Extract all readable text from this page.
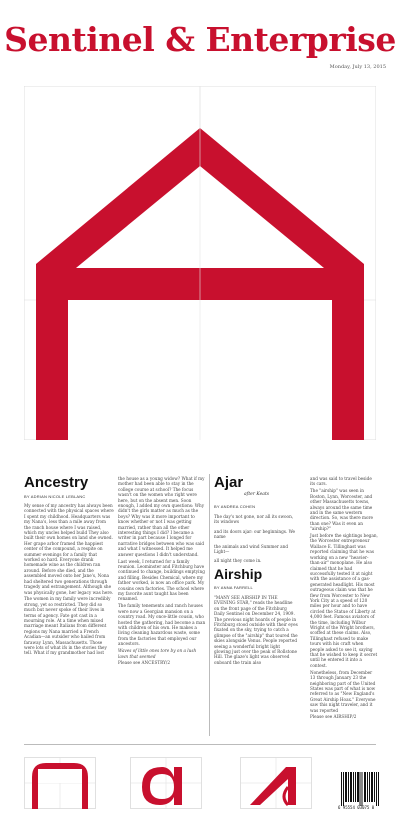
Sentinel & Enterprise
Monday, July 13, 2015
Ancestry
BY ADRIAN NICOLE LEBLANC

My sense of my ancestry has always been connected with the physical spaces where I spent my childhood. Headquarters was my Nana's, less than a mile away from the ranch house where I was raised, which my uncles helped build They also built their own homes on land she owned. Her grape arbor framed the happiest center of the compound, a respite on summer evenings for a family that worked so hard. Everyone drank homemade wine as the children ran around. Before she died, and the assembled moved onto her Jane's, Nona had sheltered two generations through tragedy and estrangement. Although she was physically gone, her legacy was here.

The women in my family were incredibly strong, yet so restricted. They did so much but never spoke of their lives in terms of agency. Fate got cast in a mourning role. At a time when mixed marriage meant Italians from different regions my Nana married a French Acadian—an outsider who hailed from faraway Lynn, Massachusetts. Those were lots of what ifs in the stories they tell. What if my grandmother had lost

the house as a young widow? What if my mother had been able to stay in the college course at school? The focus wasn't on the women who right were here, but on the absent men. Soon enough, I added my own questions: Why didn't the girls matter as much as the boys? Why was it more important to know whether or not I was getting married, rather than all the other interesting things I did? I became a writer in part because I longed for narrative bridges between who was said and what I witnessed. It helped me answer questions I didn't understand.

Last week, I returned for a family reunion. Leominster and Fitchburg have continued to change, buildings emptying and filling. Besides Chemical, where my father worked, is now an office park. My cousins own factories. The school where my favorite aunt taught has been renamed.

The family tenements and ranch houses were now a Georgian mansion on a country road. My once-little cousin, who hosted the gathering, had become a man with children of his own. He makes a living cleaning hazardous waste, some from the factories that employed our ancestors.

Waves of little ones tore by on a lush lawn that seemed

Please see ANCESTRY/2

Ajar
after Keats
BY ANDREA COHEN

The day's not gone, nor all its swoon, its windows

and its doors ajar: our beginnings. We name

the animals and wind Summer and Light—

all night they come in.

Airship
BY ANNA FARRELL

"MANY SEE AIRSHIP IN THE EVENING STAR," reads the headline on the front page of the Fitchburg Daily Sentinel on December 24, 1909. The previous night hoards of people in Fitchburg stood outside with their eyes fixated on the sky, trying to catch a glimpse of the "airship" that toured the skies alongside Venus. People reported seeing a wonderful bright light glowing just over the peak of Rollstone Hill. The glaze's light was observed onboard the train also

and was said to travel beside its cars.

The "airship" was seen in Boston, Lynn, Worcester, and other Massachusetts towns, always around the same time and in the same western direction. So, was there more than one? Was it even an "airship?"

Just before the sightings began, the Worcester entrepreneur Wallace E. Tillinghast was reported claiming that he was working on a new "heavier-than-air" monoplane. He also claimed that he had successfully tested it at night with the assistance of a gas-generated headlight. His most outrageous claim was that he flew from Worcester to New York City at a speed of 120 miles per hour and to have circled the Statue of Liberty at 4,000 feet. Famous aviators of the time, including Wilbur Wright of the Wright brothers, scoffed at these claims. Also, Tillinghast refused to make tours with his craft when people asked to see it, saying that he wished to keep it secret until he entered it into a contest.

Nonetheless, from December 13 through January 23 the neighboring part of the United States was part of what is now referred to as "New England's Great Airship Hoax." Everyone saw this night traveler, and it was reported

Please see AIRSHIP/2

6 95554 03075 0
